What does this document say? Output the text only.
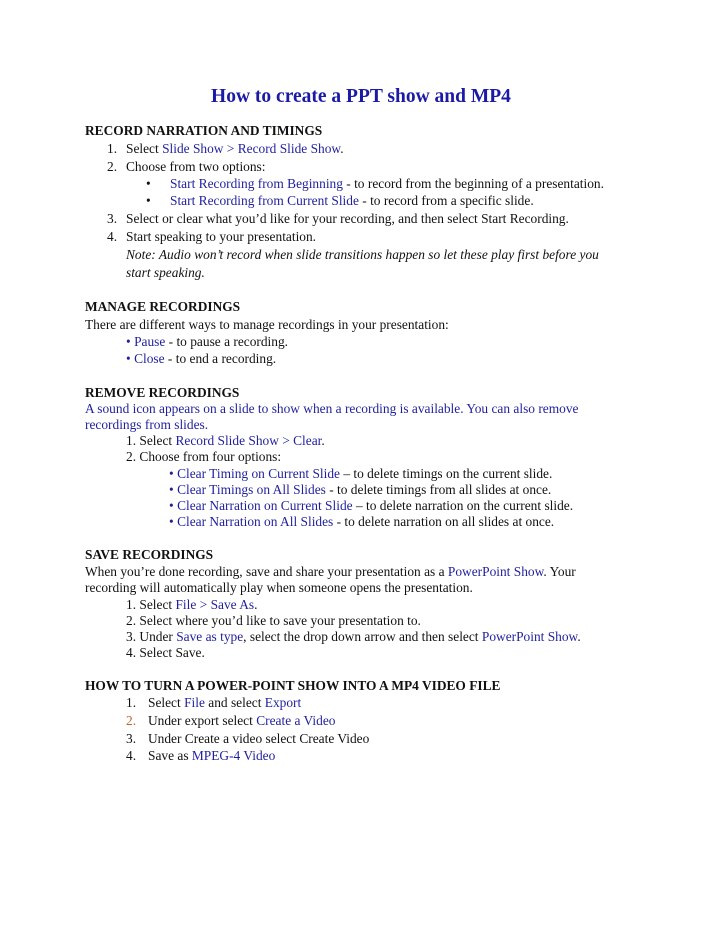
How to create a PPT show and MP4
RECORD NARRATION AND TIMINGS
1. Select Slide Show > Record Slide Show.
2. Choose from two options:
• Start Recording from Beginning - to record from the beginning of a presentation.
• Start Recording from Current Slide - to record from a specific slide.
3. Select or clear what you’d like for your recording, and then select Start Recording.
4. Start speaking to your presentation.
Note: Audio won’t record when slide transitions happen so let these play first before you
start speaking.
MANAGE RECORDINGS
There are different ways to manage recordings in your presentation:
• Pause - to pause a recording.
• Close - to end a recording.
REMOVE RECORDINGS
A sound icon appears on a slide to show when a recording is available. You can also remove
recordings from slides.
1. Select Record Slide Show > Clear.
2. Choose from four options:
• Clear Timing on Current Slide – to delete timings on the current slide.
• Clear Timings on All Slides - to delete timings from all slides at once.
• Clear Narration on Current Slide – to delete narration on the current slide.
• Clear Narration on All Slides - to delete narration on all slides at once.
SAVE RECORDINGS
When you’re done recording, save and share your presentation as a PowerPoint Show. Your
recording will automatically play when someone opens the presentation.
1. Select File > Save As.
2. Select where you’d like to save your presentation to.
3. Under Save as type, select the drop down arrow and then select PowerPoint Show.
4. Select Save.
HOW TO TURN A POWER-POINT SHOW INTO A MP4 VIDEO FILE
1. Select File and select Export
2. Under export select Create a Video
3. Under Create a video select Create Video
4. Save as MPEG-4 Video
